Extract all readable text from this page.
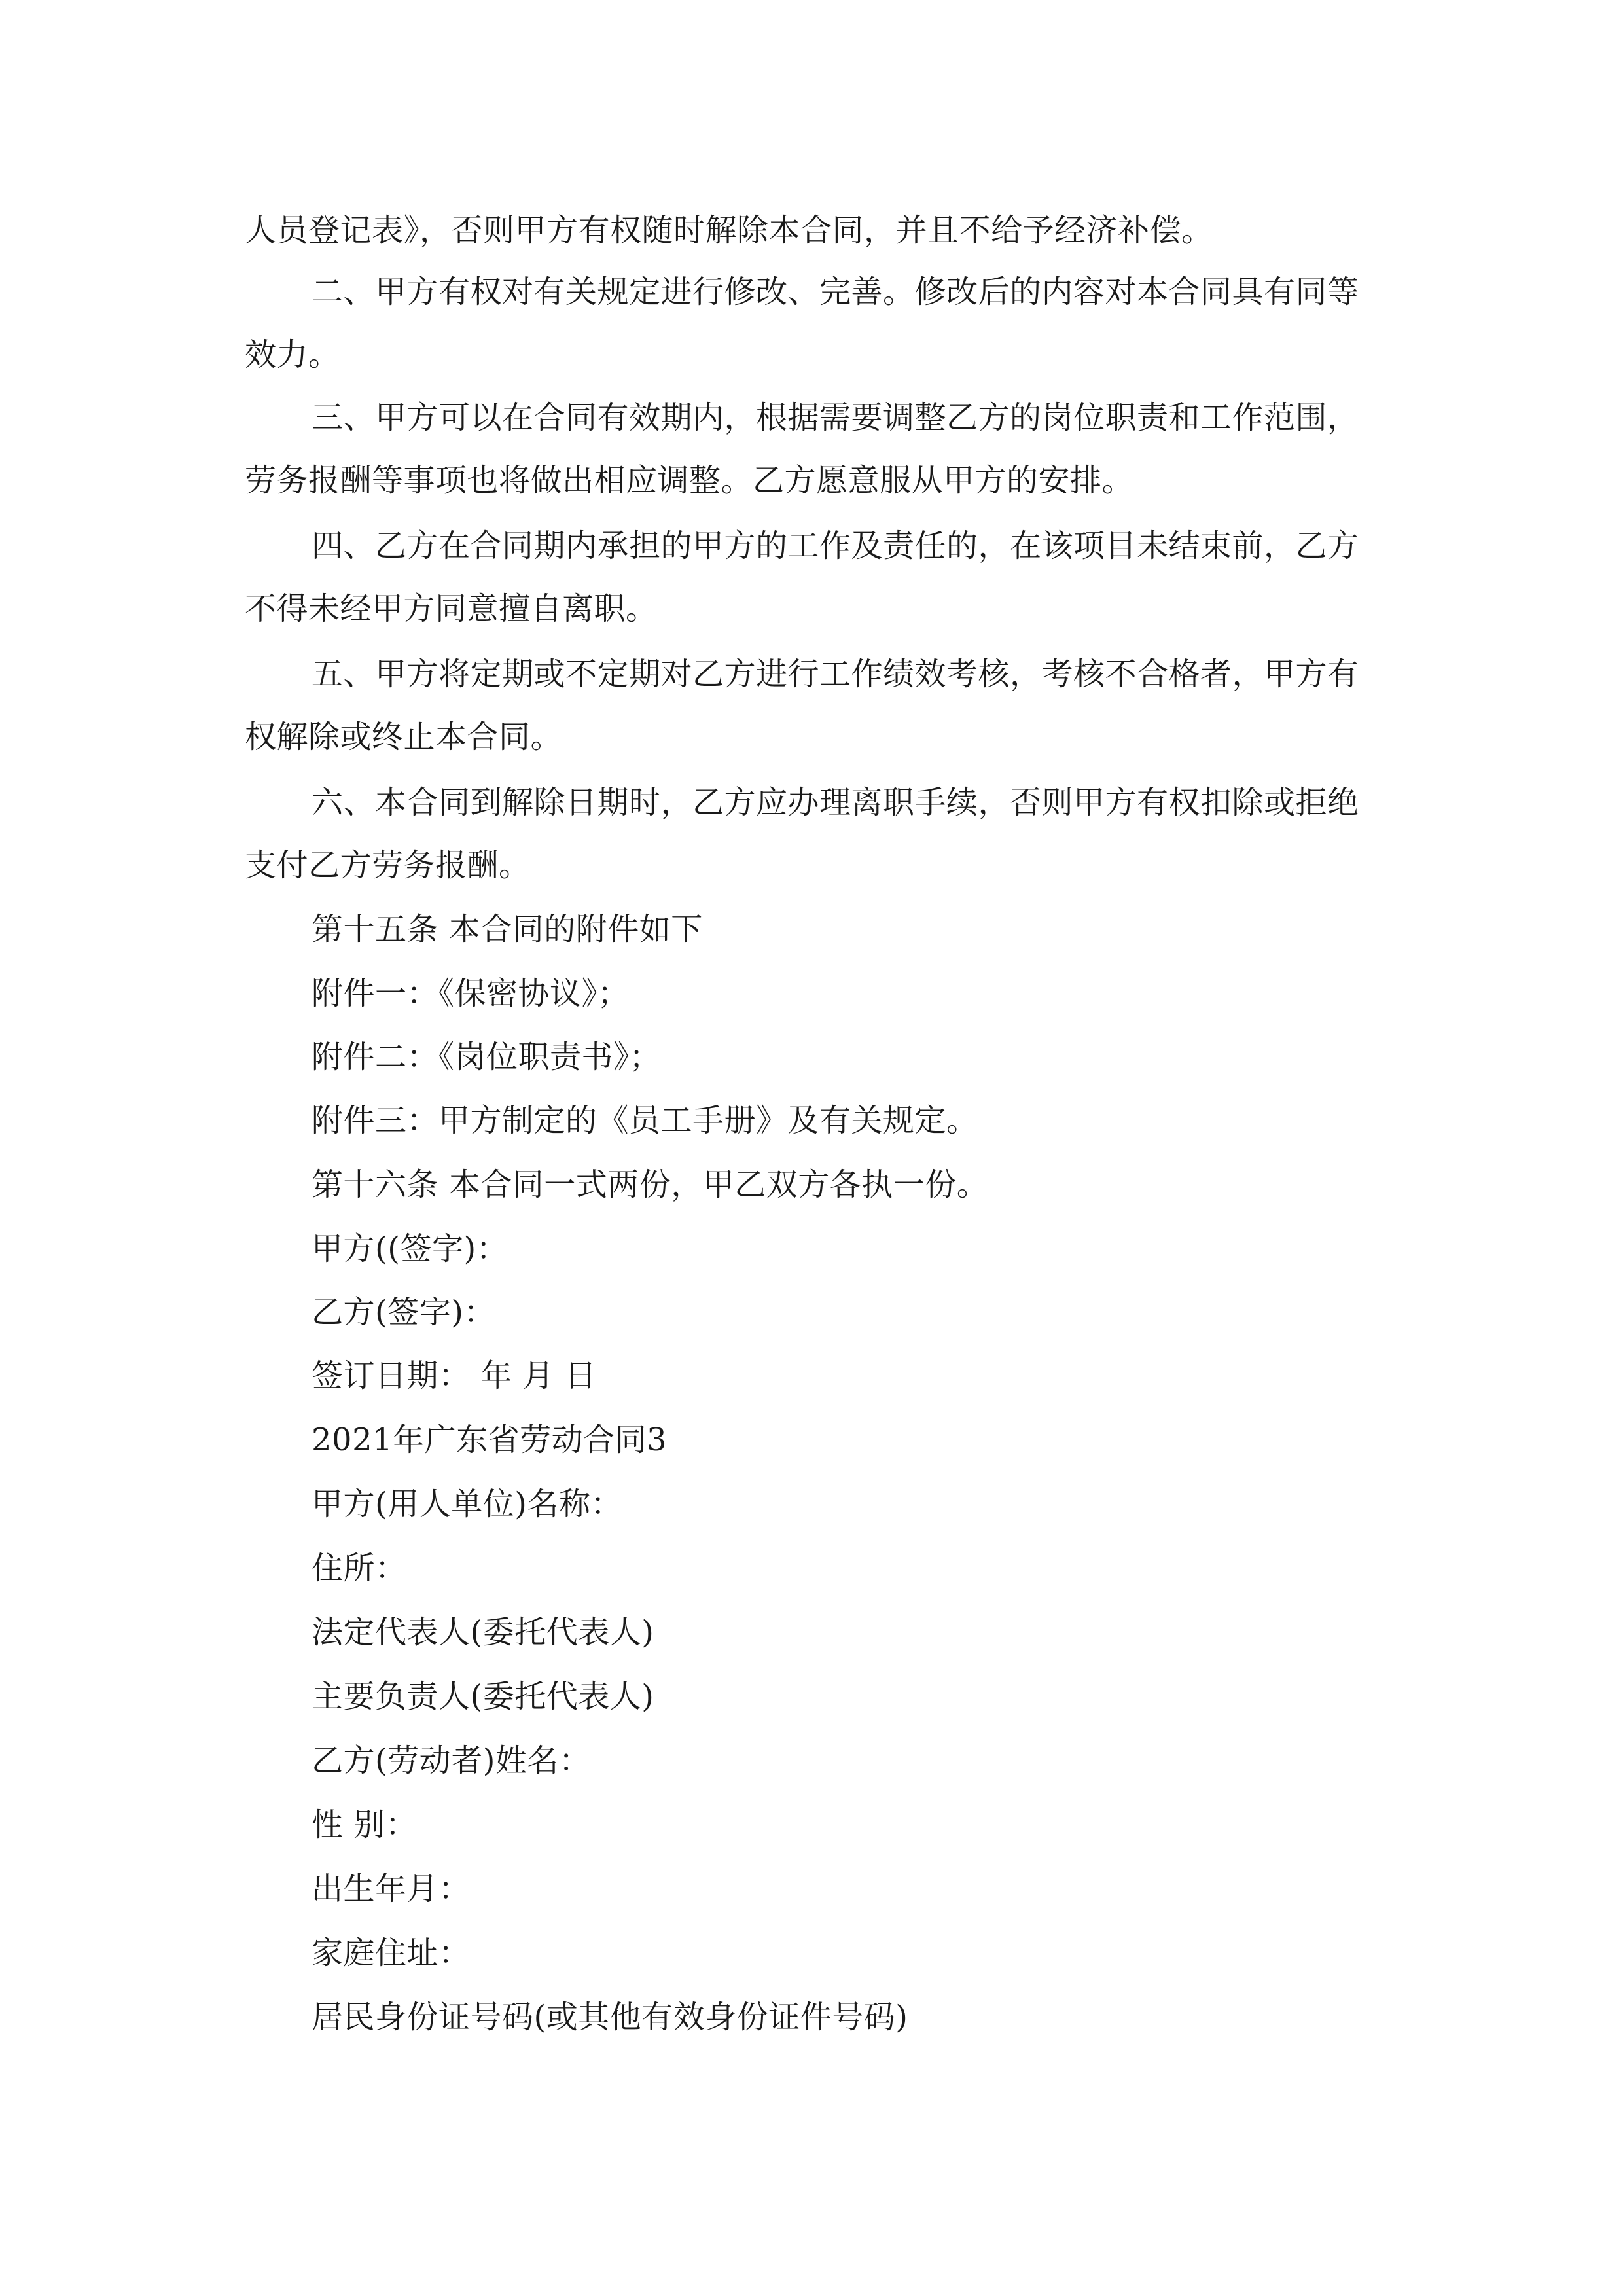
人员登记表》，否则甲方有权随时解除本合同，并且不给予经济补偿。

二、甲方有权对有关规定进行修改、完善。修改后的内容对本合同具有同等

效力。

三、甲方可以在合同有效期内，根据需要调整乙方的岗位职责和工作范围，

劳务报酬等事项也将做出相应调整。乙方愿意服从甲方的安排。

四、乙方在合同期内承担的甲方的工作及责任的，在该项目未结束前，乙方

不得未经甲方同意擅自离职。

五、甲方将定期或不定期对乙方进行工作绩效考核，考核不合格者，甲方有

权解除或终止本合同。

六、本合同到解除日期时，乙方应办理离职手续，否则甲方有权扣除或拒绝

支付乙方劳务报酬。

第十五条 本合同的附件如下

附件一：《保密协议》；

附件二：《岗位职责书》；

附件三：甲方制定的《员工手册》及有关规定。

第十六条 本合同一式两份，甲乙双方各执一份。

甲方((签字)：

乙方(签字)：

签订日期： 年 月 日

2021年广东省劳动合同3

甲方(用人单位)名称：

住所：

法定代表人(委托代表人)

主要负责人(委托代表人)

乙方(劳动者)姓名：

性 别：

出生年月：

家庭住址：

居民身份证号码(或其他有效身份证件号码)
